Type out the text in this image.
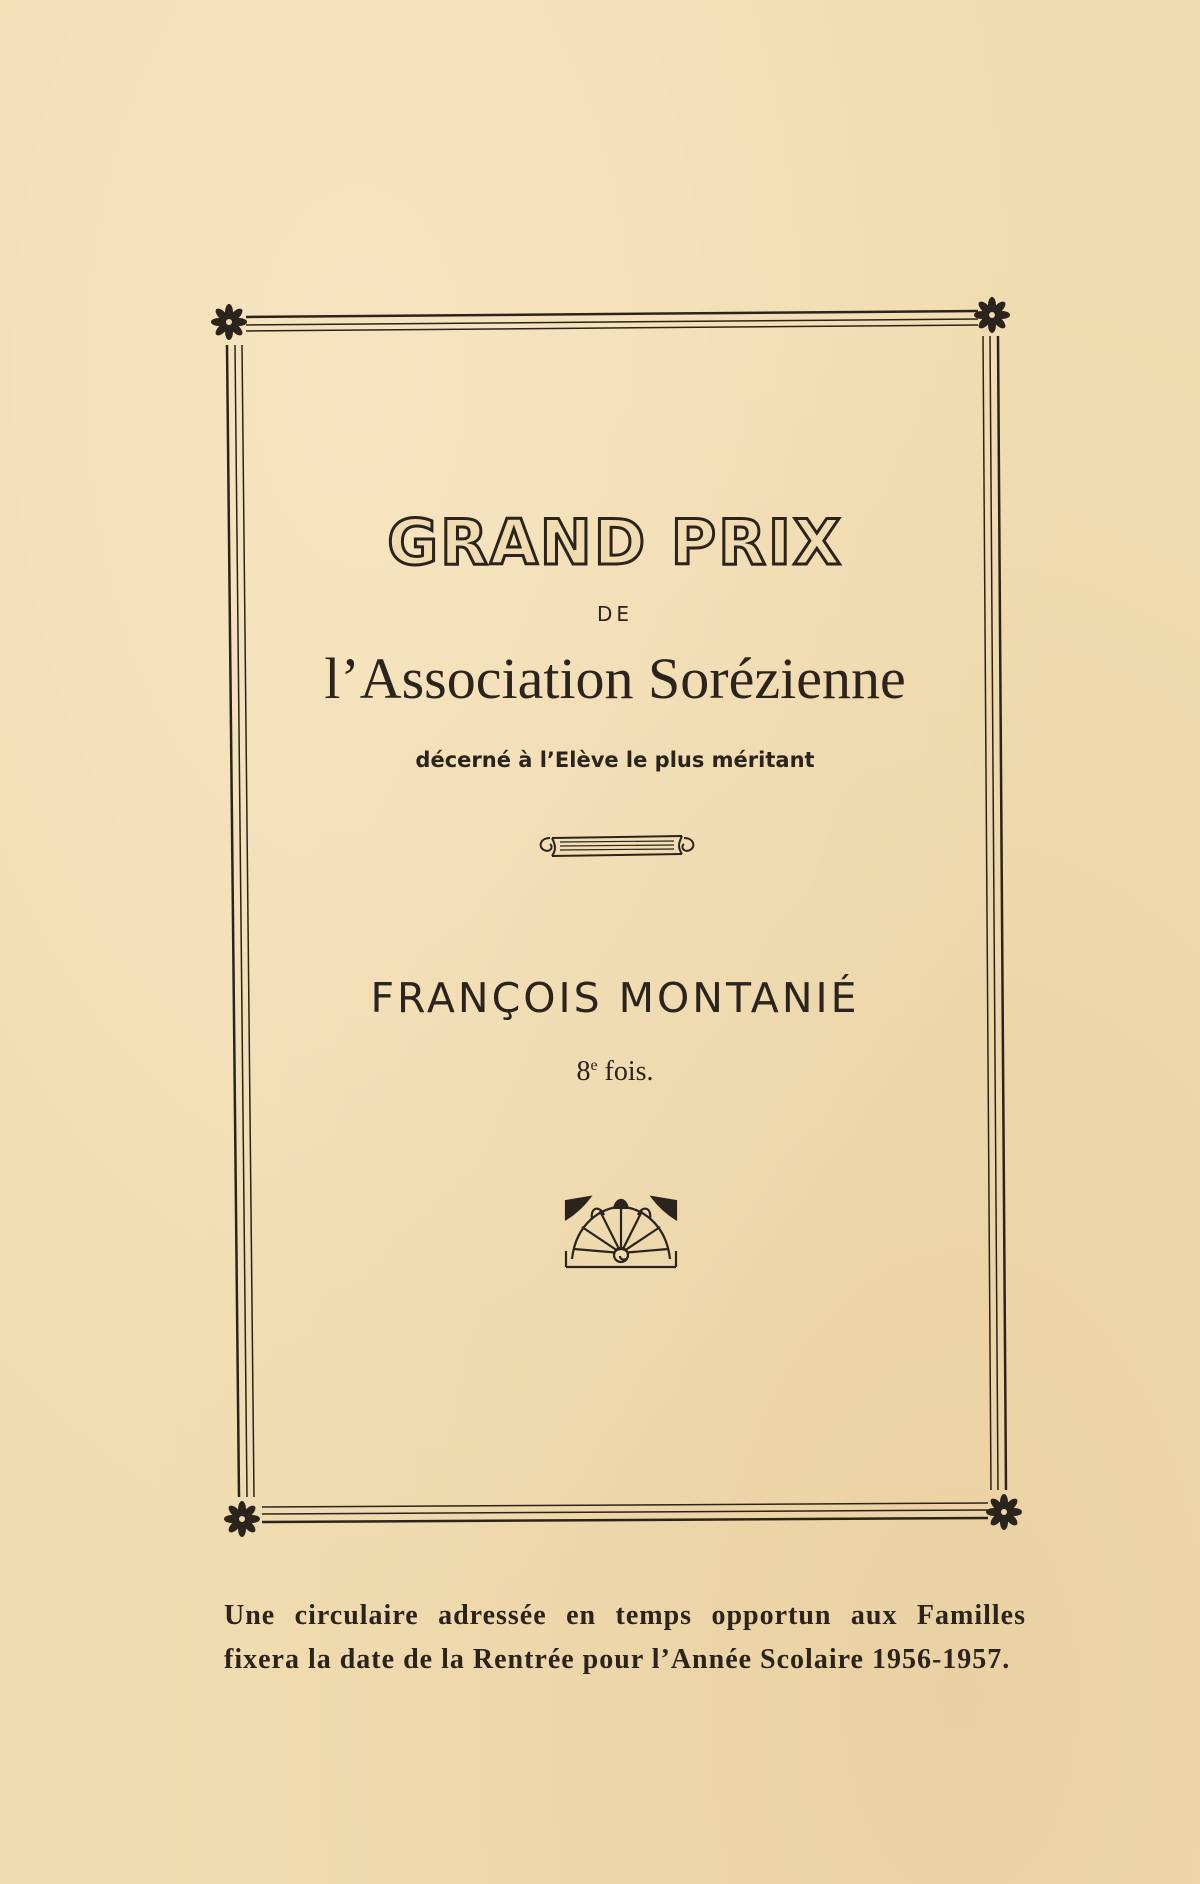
GRAND PRIX
DE
l’Association Sorézienne
décerné à l’Elève le plus méritant
FRANÇOIS MONTANIÉ
8e fois.
Une circulaire adressée en temps opportun aux Familles fixera la date de la Rentrée pour l’Année Scolaire 1956-1957.
